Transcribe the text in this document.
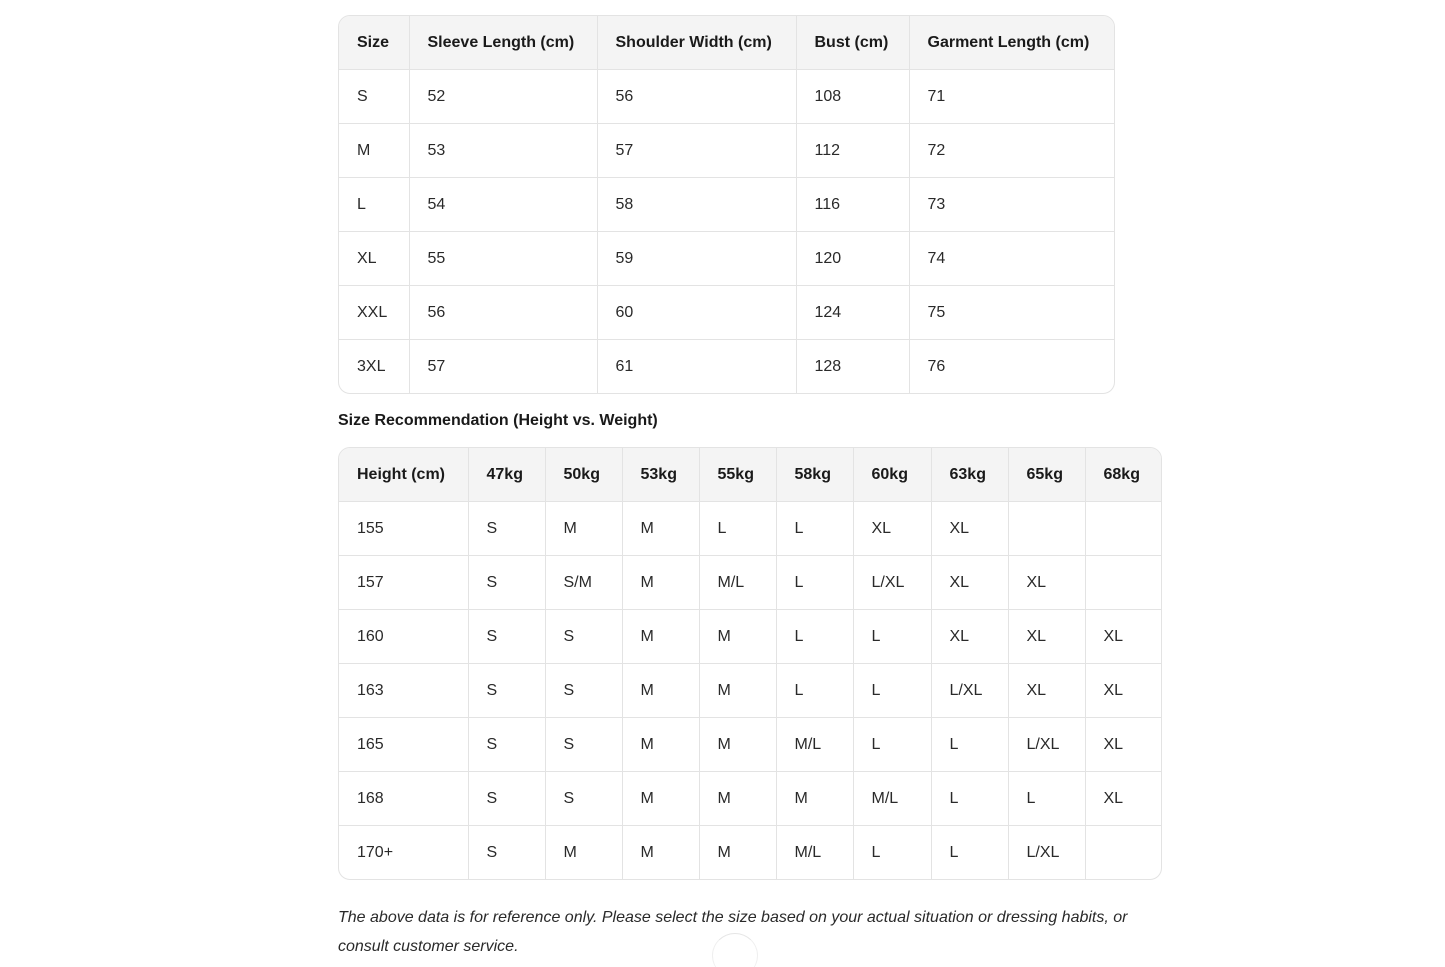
Size	Sleeve Length (cm)	Shoulder Width (cm)	Bust (cm)	Garment Length (cm)
S	52	56	108	71
M	53	57	112	72
L	54	58	116	73
XL	55	59	120	74
XXL	56	60	124	75
3XL	57	61	128	76
Size Recommendation (Height vs. Weight)
Height (cm)	47kg	50kg	53kg	55kg	58kg	60kg	63kg	65kg	68kg
155	S	M	M	L	L	XL	XL		
157	S	S/M	M	M/L	L	L/XL	XL	XL	
160	S	S	M	M	L	L	XL	XL	XL
163	S	S	M	M	L	L	L/XL	XL	XL
165	S	S	M	M	M/L	L	L	L/XL	XL
168	S	S	M	M	M	M/L	L	L	XL
170+	S	M	M	M	M/L	L	L	L/XL	
The above data is for reference only. Please select the size based on your actual situation or dressing habits, or consult customer service.
